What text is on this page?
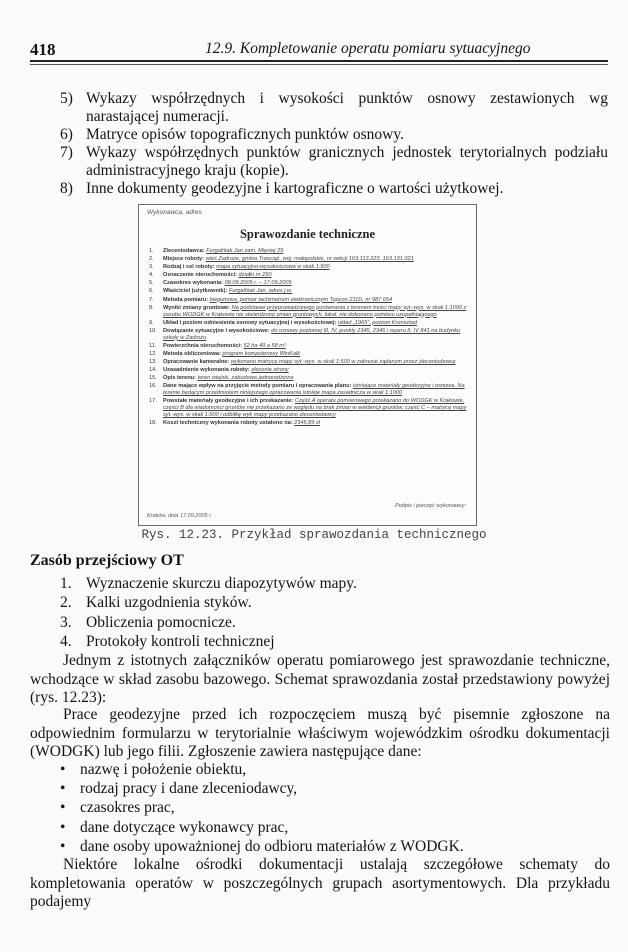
418	12.9. Kompletowanie operatu pomiaru sytuacyjnego
5) Wykazy współrzędnych i wysokości punktów osnowy zestawionych wg narastającej numeracji.
6) Matryce opisów topograficznych punktów osnowy.
7) Wykazy współrzędnych punktów granicznych jednostek terytorialnych podziału administracyjnego kraju (kopie).
8) Inne dokumenty geodezyjne i kartograficzne o wartości użytkowej.
Wykonawca, adres
Sprawozdanie techniczne
1. Zleceniodawca: Furgalńiak Jan zam. Mięsiej 25
2. Miejsce roboty: wieś Zadroże, gmina Trzeciąż, woj. małopolskie, nr sekcji 163.113.223, 163.131.021
3. Rodzaj i cel roboty: mapa sytuacyjno-wysokościowa w skali 1:500
4. Oznaczenie nieruchomości: działki nr 250
5. Czasokres wykonania: 08.09.2005 r. – 17.09.2005
6. Właściciel (użytkownik): Furgalńiak Jan, adres j.w.
7. Metoda pomiaru: biegunowa, pomiar tachimetrem elektronicznym Topcon 211D, nr 987 654
8. Wyniki zmiany gruntowe: Na podstawie przeprowadzonego porównania z terenem treści mapy syt.-wys. w skali 1:1000 z zasobu WODGK w Krakowie nie stwierdzono zmian gruntowych, lokal. nie dokonano pomiaru uzupełniającego
9. Układ i poziom odniesienia osnowy sytuacyjnej i wysokościowej: układ „1965”, poziom Kronsztad
10. Dowiązanie sytuacyjne i wysokościowe: do osnowy poziomej III, IV, punkty 2345, 2346 i reperu II, IV 841 na budynku szkoły w Zadrożu
11. Powierzchnia nieruchomości: 52 ha 49 a 58 m²
12. Metoda obliczeniowa: program komputerowy WinKalk
13. Opracowanie kameralne: wykonano matrycę mapy syt.-wys. w skali 1:500 w zakresie żądanym przez zleceniodawcę
14. Uzasadnienie wykonania roboty: zlecenie strony
15. Opis terenu: teren wiejski, zabudowa jednorodzinna
16. Dane mające wpływ na przyjęcie metody pomiaru i opracowania planu: istniejące materiały geodezyjne i osnowa. Na terenie będącym przedmiotem niniejszego opracowania istnieje mapa zasadnicza w skali 1:1000
17. Powstałe materiały geodezyjne i ich przekazanie: Część A operatu pomiarowego przekazano do WODGK w Krakowie, części B dla wiadomości gruntów nie przekazano ze względu na brak zmian w ewidencji gruntów, część C – matrycę mapy syt.-wys. w skali 1:500 i odbitkę wyk mapy przekazano zleceniodawcy
18. Koszt techniczny wykonania roboty ustalono na: 2345,89 zł
Podpis i pieczęć wykonawcy:
Kraków, dnia 17.09.2005 r.
Rys. 12.23. Przykład sprawozdania technicznego
Zasób przejściowy OT
1. Wyznaczenie skurczu diapozytywów mapy.
2. Kalki uzgodnienia styków.
3. Obliczenia pomocnicze.
4. Protokoły kontroli technicznej

Jednym z istotnych załączników operatu pomiarowego jest sprawozdanie techniczne, wchodzące w skład zasobu bazowego. Schemat sprawozdania został przedstawiony powyżej (rys. 12.23):

Prace geodezyjne przed ich rozpoczęciem muszą być pisemnie zgłoszone na odpowiednim formularzu w terytorialnie właściwym wojewódzkim ośrodku dokumentacji (WODGK) lub jego filii. Zgłoszenie zawiera następujące dane:

• nazwę i położenie obiektu,
• rodzaj pracy i dane zleceniodawcy,
• czasokres prac,
• dane dotyczące wykonawcy prac,
• dane osoby upoważnionej do odbioru materiałów z WODGK.

Niektóre lokalne ośrodki dokumentacji ustalają szczegółowe schematy do kompletowania operatów w poszczególnych grupach asortymentowych. Dla przykładu podajemy
